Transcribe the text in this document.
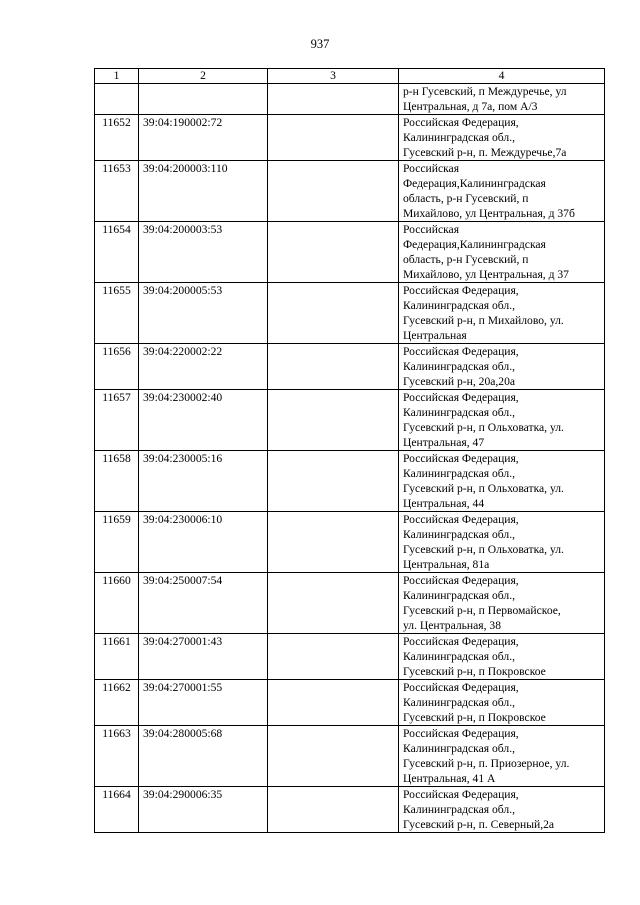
937
1	2	3	4

			р-н Гусевский, п Междуречье, ул
Центральная, д 7а, пом А/3

11652	39:04:190002:72		Российская Федерация,
Калининградская обл.,
Гусевский р-н, п. Междуречье,7а

11653	39:04:200003:110		Российская
Федерация,Калининградская
область, р-н Гусевский, п
Михайлово, ул Центральная, д 37б

11654	39:04:200003:53		Российская
Федерация,Калининградская
область, р-н Гусевский, п
Михайлово, ул Центральная, д 37

11655	39:04:200005:53		Российская Федерация,
Калининградская обл.,
Гусевский р-н, п Михайлово, ул.
Центральная

11656	39:04:220002:22		Российская Федерация,
Калининградская обл.,
Гусевский р-н, 20а,20а

11657	39:04:230002:40		Российская Федерация,
Калининградская обл.,
Гусевский р-н, п Ольховатка, ул.
Центральная, 47

11658	39:04:230005:16		Российская Федерация,
Калининградская обл.,
Гусевский р-н, п Ольховатка, ул.
Центральная, 44

11659	39:04:230006:10		Российская Федерация,
Калининградская обл.,
Гусевский р-н, п Ольховатка, ул.
Центральная, 81а

11660	39:04:250007:54		Российская Федерация,
Калининградская обл.,
Гусевский р-н, п Первомайское,
ул. Центральная, 38

11661	39:04:270001:43		Российская Федерация,
Калининградская обл.,
Гусевский р-н, п Покровское

11662	39:04:270001:55		Российская Федерация,
Калининградская обл.,
Гусевский р-н, п Покровское

11663	39:04:280005:68		Российская Федерация,
Калининградская обл.,
Гусевский р-н, п. Приозерное, ул.
Центральная, 41 А

11664	39:04:290006:35		Российская Федерация,
Калининградская обл.,
Гусевский р-н, п. Северный,2а
